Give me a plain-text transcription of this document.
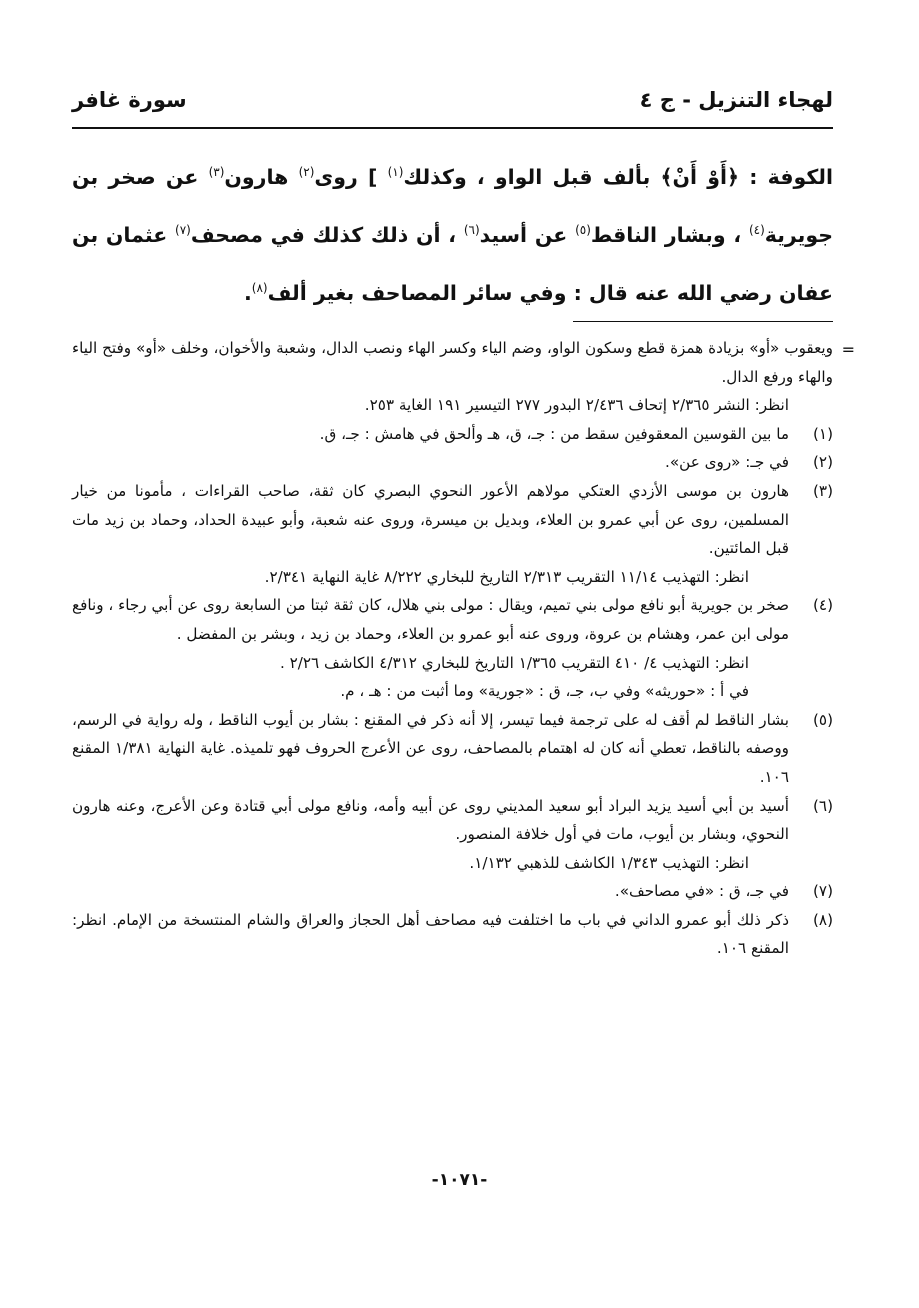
لهجاء التنزيل - ج ٤
سورة غافر

الكوفة : ﴿أَوْ أَنْ﴾ بألف قبل الواو ، وكذلك$^{(١)}$ ] روى$^{(٢)}$ هارون$^{(٣)}$ عن صخر بن جويرية$^{(٤)}$ ، وبشار الناقط$^{(٥)}$ عن أسيد$^{(٦)}$ ، أن ذلك كذلك في مصحف$^{(٧)}$ عثمان بن عفان رضي الله عنه قال : وفي سائر المصاحف بغير ألف$^{(٨)}$.

=
ويعقوب «أو» بزيادة همزة قطع وسكون الواو، وضم الياء وكسر الهاء ونصب الدال، وشعبة والأخوان، وخلف «أو» وفتح الياء والهاء ورفع الدال.
انظر: النشر ٢/٣٦٥ إتحاف ٢/٤٣٦ البدور ٢٧٧ التيسير ١٩١ الغاية ٢٥٣.
(١)
ما بين القوسين المعقوفين سقط من : جـ، ق، هـ وألحق في هامش : جـ، ق.
(٢)
في جـ: «روى عن».
(٣)
هارون بن موسى الأزدي العتكي مولاهم الأعور النحوي البصري كان ثقة، صاحب القراءات ، مأمونا من خيار المسلمين، روى عن أبي عمرو بن العلاء، وبديل بن ميسرة، وروى عنه شعبة، وأبو عبيدة الحداد، وحماد بن زيد مات قبل المائتين.
انظر: التهذيب ١١/١٤ التقريب ٢/٣١٣ التاريخ للبخاري ٨/٢٢٢ غاية النهاية ٢/٣٤١.
(٤)
صخر بن جويرية أبو نافع مولى بني تميم، ويقال : مولى بني هلال، كان ثقة ثبتا من السابعة روى عن أبي رجاء ، ونافع مولى ابن عمر، وهشام بن عروة، وروى عنه أبو عمرو بن العلاء، وحماد بن زيد ، وبشر بن المفضل .
انظر: التهذيب ٤/ ٤١٠ التقريب ١/٣٦٥ التاريخ للبخاري ٤/٣١٢ الكاشف ٢/٢٦ .
في أ : «حوريثه» وفي ب، جـ، ق : «جورية» وما أثبت من : هـ ، م.
(٥)
بشار الناقط لم أقف له على ترجمة فيما تيسر، إلا أنه ذكر في المقنع : بشار بن أيوب الناقط ، وله رواية في الرسم، ووصفه بالناقط، تعطي أنه كان له اهتمام بالمصاحف، روى عن الأعرج الحروف فهو تلميذه. غاية النهاية ١/٣٨١ المقنع ١٠٦.
(٦)
أسيد بن أبي أسيد يزيد البراد أبو سعيد المديني روى عن أبيه وأمه، ونافع مولى أبي قتادة وعن الأعرج، وعنه هارون النحوي، وبشار بن أيوب، مات في أول خلافة المنصور.
انظر: التهذيب ١/٣٤٣ الكاشف للذهبي ١/١٣٢.
(٧)
في جـ، ق : «في مصاحف».
(٨)
ذكر ذلك أبو عمرو الداني في باب ما اختلفت فيه مصاحف أهل الحجاز والعراق والشام المنتسخة من الإمام. انظر: المقنع ١٠٦.
-١٠٧١-
